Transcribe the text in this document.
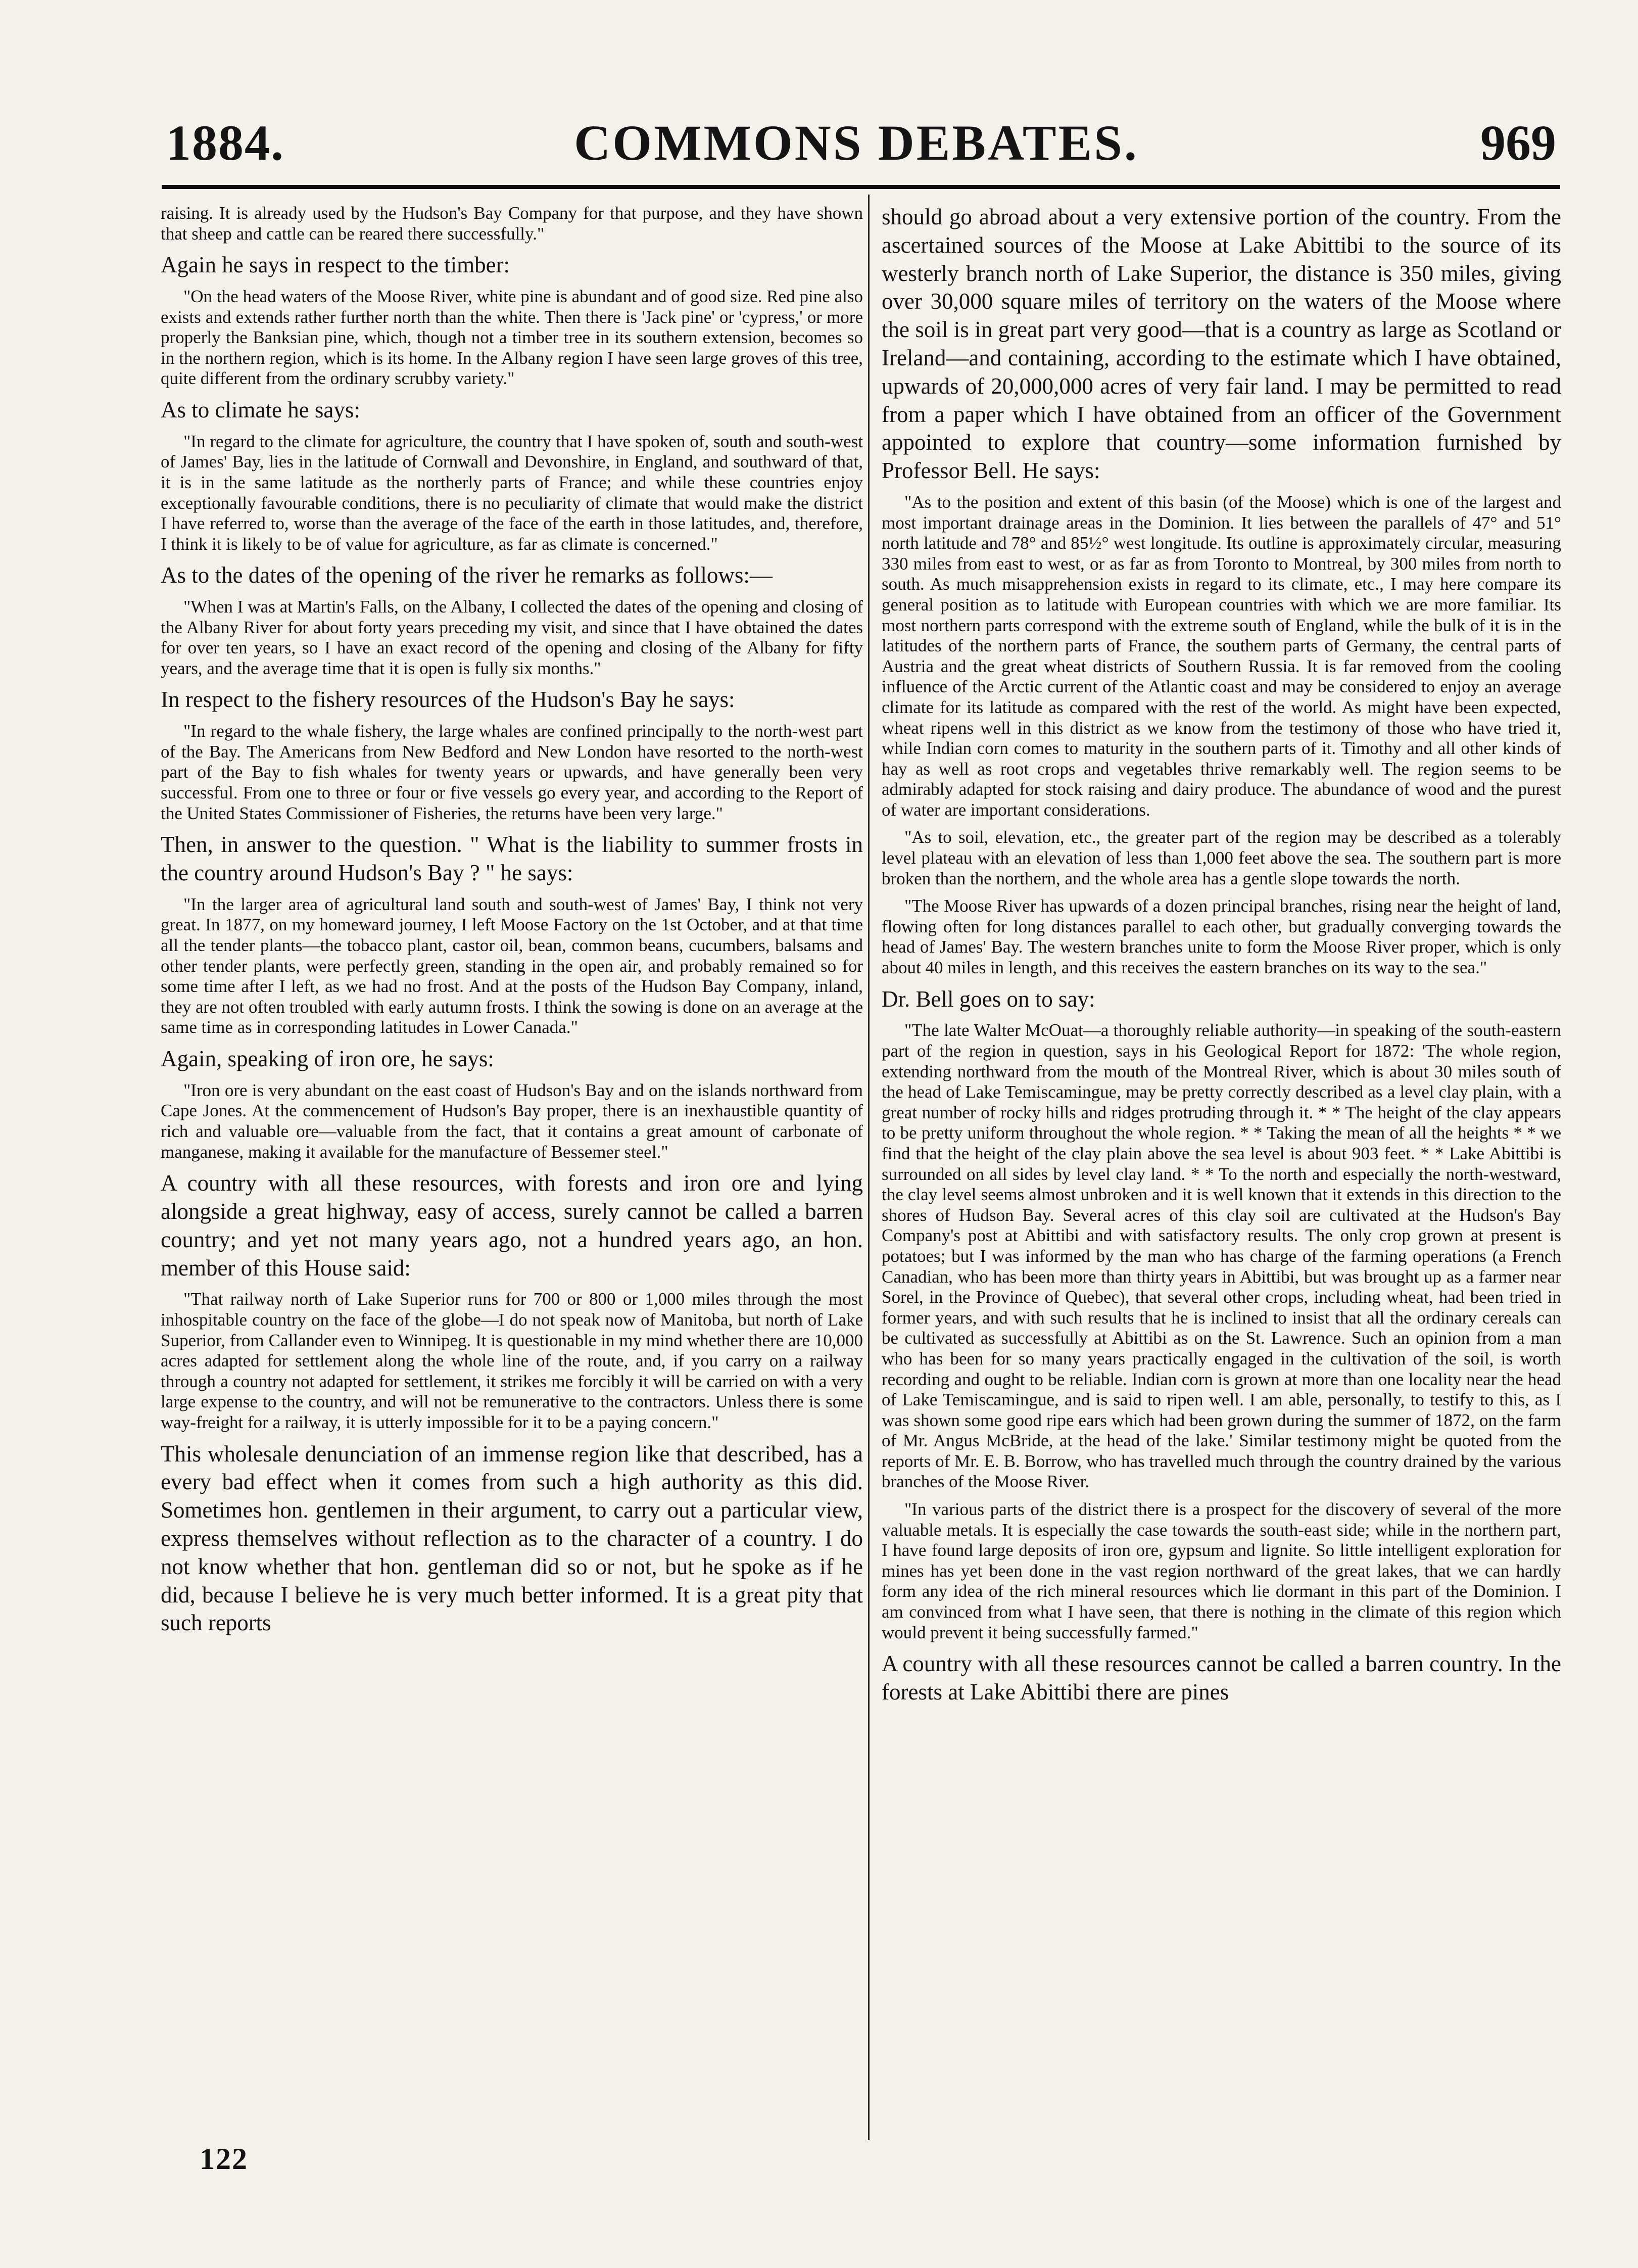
COMMONS DEBATES.
1884.	969

raising. It is already used by the Hudson's Bay Company for that purpose, and they have shown that sheep and cattle can be reared there successfully."

Again he says in respect to the timber:

"On the head waters of the Moose River, white pine is abundant and of good size. Red pine also exists and extends rather further north than the white. Then there is 'Jack pine' or 'cypress,' or more properly the Banksian pine, which, though not a timber tree in its southern extension, becomes so in the northern region, which is its home. In the Albany region I have seen large groves of this tree, quite different from the ordinary scrubby variety."

As to climate he says:

"In regard to the climate for agriculture, the country that I have spoken of, south and south-west of James' Bay, lies in the latitude of Cornwall and Devonshire, in England, and southward of that, it is in the same latitude as the northerly parts of France; and while these countries enjoy exceptionally favourable conditions, there is no peculiarity of climate that would make the district I have referred to, worse than the average of the face of the earth in those latitudes, and, therefore, I think it is likely to be of value for agriculture, as far as climate is concerned."

As to the dates of the opening of the river he remarks as follows:—

"When I was at Martin's Falls, on the Albany, I collected the dates of the opening and closing of the Albany River for about forty years preceding my visit, and since that I have obtained the dates for over ten years, so I have an exact record of the opening and closing of the Albany for fifty years, and the average time that it is open is fully six months."

In respect to the fishery resources of the Hudson's Bay he says:

"In regard to the whale fishery, the large whales are confined principally to the north-west part of the Bay. The Americans from New Bedford and New London have resorted to the north-west part of the Bay to fish whales for twenty years or upwards, and have generally been very successful. From one to three or four or five vessels go every year, and according to the Report of the United States Commissioner of Fisheries, the returns have been very large."

Then, in answer to the question. " What is the liability to summer frosts in the country around Hudson's Bay ? " he says:

"In the larger area of agricultural land south and south-west of James' Bay, I think not very great. In 1877, on my homeward journey, I left Moose Factory on the 1st October, and at that time all the tender plants—the tobacco plant, castor oil, bean, common beans, cucumbers, balsams and other tender plants, were perfectly green, standing in the open air, and probably remained so for some time after I left, as we had no frost. And at the posts of the Hudson Bay Company, inland, they are not often troubled with early autumn frosts. I think the sowing is done on an average at the same time as in corresponding latitudes in Lower Canada."

Again, speaking of iron ore, he says:

"Iron ore is very abundant on the east coast of Hudson's Bay and on the islands northward from Cape Jones. At the commencement of Hudson's Bay proper, there is an inexhaustible quantity of rich and valuable ore—valuable from the fact, that it contains a great amount of carbonate of manganese, making it available for the manufacture of Bessemer steel."

A country with all these resources, with forests and iron ore and lying alongside a great highway, easy of access, surely cannot be called a barren country; and yet not many years ago, not a hundred years ago, an hon. member of this House said:

"That railway north of Lake Superior runs for 700 or 800 or 1,000 miles through the most inhospitable country on the face of the globe—I do not speak now of Manitoba, but north of Lake Superior, from Callander even to Winnipeg. It is questionable in my mind whether there are 10,000 acres adapted for settlement along the whole line of the route, and, if you carry on a railway through a country not adapted for settlement, it strikes me forcibly it will be carried on with a very large expense to the country, and will not be remunerative to the contractors. Unless there is some way-freight for a railway, it is utterly impossible for it to be a paying concern."

This wholesale denunciation of an immense region like that described, has a every bad effect when it comes from such a high authority as this did. Sometimes hon. gentlemen in their argument, to carry out a particular view, express themselves without reflection as to the character of a country. I do not know whether that hon. gentleman did so or not, but he spoke as if he did, because I believe he is very much better informed. It is a great pity that such reports

should go abroad about a very extensive portion of the country. From the ascertained sources of the Moose at Lake Abittibi to the source of its westerly branch north of Lake Superior, the distance is 350 miles, giving over 30,000 square miles of territory on the waters of the Moose where the soil is in great part very good—that is a country as large as Scotland or Ireland—and containing, according to the estimate which I have obtained, upwards of 20,000,000 acres of very fair land. I may be permitted to read from a paper which I have obtained from an officer of the Government appointed to explore that country—some information furnished by Professor Bell. He says:

"As to the position and extent of this basin (of the Moose) which is one of the largest and most important drainage areas in the Dominion. It lies between the parallels of 47° and 51° north latitude and 78° and 85½° west longitude. Its outline is approximately circular, measuring 330 miles from east to west, or as far as from Toronto to Montreal, by 300 miles from north to south. As much misapprehension exists in regard to its climate, etc., I may here compare its general position as to latitude with European countries with which we are more familiar. Its most northern parts correspond with the extreme south of England, while the bulk of it is in the latitudes of the northern parts of France, the southern parts of Germany, the central parts of Austria and the great wheat districts of Southern Russia. It is far removed from the cooling influence of the Arctic current of the Atlantic coast and may be considered to enjoy an average climate for its latitude as compared with the rest of the world. As might have been expected, wheat ripens well in this district as we know from the testimony of those who have tried it, while Indian corn comes to maturity in the southern parts of it. Timothy and all other kinds of hay as well as root crops and vegetables thrive remarkably well. The region seems to be admirably adapted for stock raising and dairy produce. The abundance of wood and the purest of water are important considerations.

"As to soil, elevation, etc., the greater part of the region may be described as a tolerably level plateau with an elevation of less than 1,000 feet above the sea. The southern part is more broken than the northern, and the whole area has a gentle slope towards the north.

"The Moose River has upwards of a dozen principal branches, rising near the height of land, flowing often for long distances parallel to each other, but gradually converging towards the head of James' Bay. The western branches unite to form the Moose River proper, which is only about 40 miles in length, and this receives the eastern branches on its way to the sea."

Dr. Bell goes on to say:

"The late Walter McOuat—a thoroughly reliable authority—in speaking of the south-eastern part of the region in question, says in his Geological Report for 1872: 'The whole region, extending northward from the mouth of the Montreal River, which is about 30 miles south of the head of Lake Temiscamingue, may be pretty correctly described as a level clay plain, with a great number of rocky hills and ridges protruding through it. * * The height of the clay appears to be pretty uniform throughout the whole region. * * Taking the mean of all the heights * * we find that the height of the clay plain above the sea level is about 903 feet. * * Lake Abittibi is surrounded on all sides by level clay land. * * To the north and especially the north-westward, the clay level seems almost unbroken and it is well known that it extends in this direction to the shores of Hudson Bay. Several acres of this clay soil are cultivated at the Hudson's Bay Company's post at Abittibi and with satisfactory results. The only crop grown at present is potatoes; but I was informed by the man who has charge of the farming operations (a French Canadian, who has been more than thirty years in Abittibi, but was brought up as a farmer near Sorel, in the Province of Quebec), that several other crops, including wheat, had been tried in former years, and with such results that he is inclined to insist that all the ordinary cereals can be cultivated as successfully at Abittibi as on the St. Lawrence. Such an opinion from a man who has been for so many years practically engaged in the cultivation of the soil, is worth recording and ought to be reliable. Indian corn is grown at more than one locality near the head of Lake Temiscamingue, and is said to ripen well. I am able, personally, to testify to this, as I was shown some good ripe ears which had been grown during the summer of 1872, on the farm of Mr. Angus McBride, at the head of the lake.' Similar testimony might be quoted from the reports of Mr. E. B. Borrow, who has travelled much through the country drained by the various branches of the Moose River.

"In various parts of the district there is a prospect for the discovery of several of the more valuable metals. It is especially the case towards the south-east side; while in the northern part, I have found large deposits of iron ore, gypsum and lignite. So little intelligent exploration for mines has yet been done in the vast region northward of the great lakes, that we can hardly form any idea of the rich mineral resources which lie dormant in this part of the Dominion. I am convinced from what I have seen, that there is nothing in the climate of this region which would prevent it being successfully farmed."

A country with all these resources cannot be called a barren country. In the forests at Lake Abittibi there are pines

122
